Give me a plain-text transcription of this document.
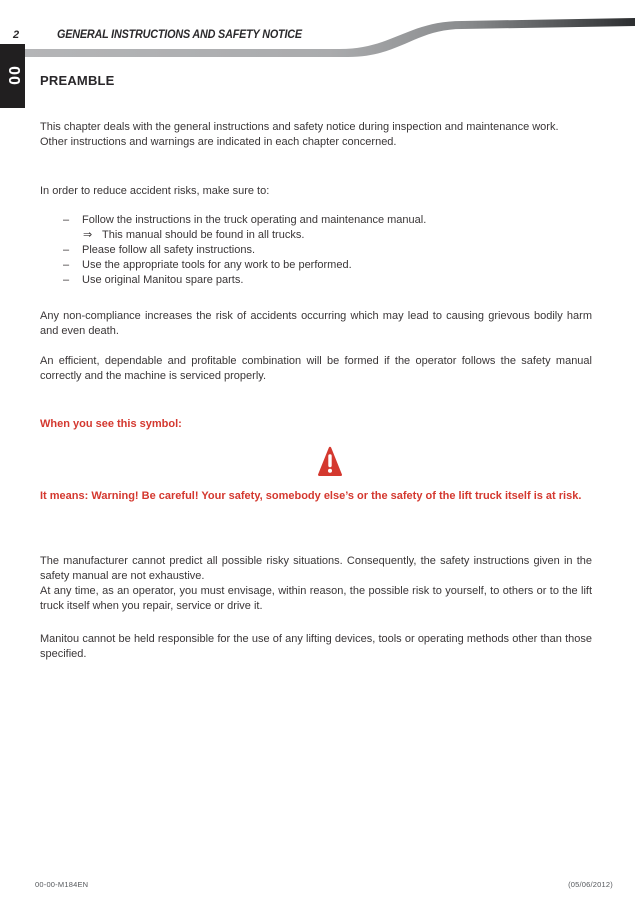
2	GENERAL INSTRUCTIONS AND SAFETY NOTICE
00 PREAMBLE
This chapter deals with the general instructions and safety notice during inspection and maintenance work.
Other instructions and warnings are indicated in each chapter concerned.
In order to reduce accident risks, make sure to:
–	Follow the instructions in the truck operating and maintenance manual.
⇒ This manual should be found in all trucks.
–	Please follow all safety instructions.
–	Use the appropriate tools for any work to be performed.
–	Use original Manitou spare parts.
Any non-compliance increases the risk of accidents occurring which may lead to causing grievous bodily harm and even death.
An efficient, dependable and profitable combination will be formed if the operator follows the safety manual correctly and the machine is serviced properly.
When you see this symbol:
It means: Warning! Be careful! Your safety, somebody else’s or the safety of the lift truck itself is at risk.
The manufacturer cannot predict all possible risky situations. Consequently, the safety instructions given in the safety manual are not exhaustive.
At any time, as an operator, you must envisage, within reason, the possible risk to yourself, to others or to the lift truck itself when you repair, service or drive it.
Manitou cannot be held responsible for the use of any lifting devices, tools or operating methods other than those specified.
00-00-M184EN	(05/06/2012)
